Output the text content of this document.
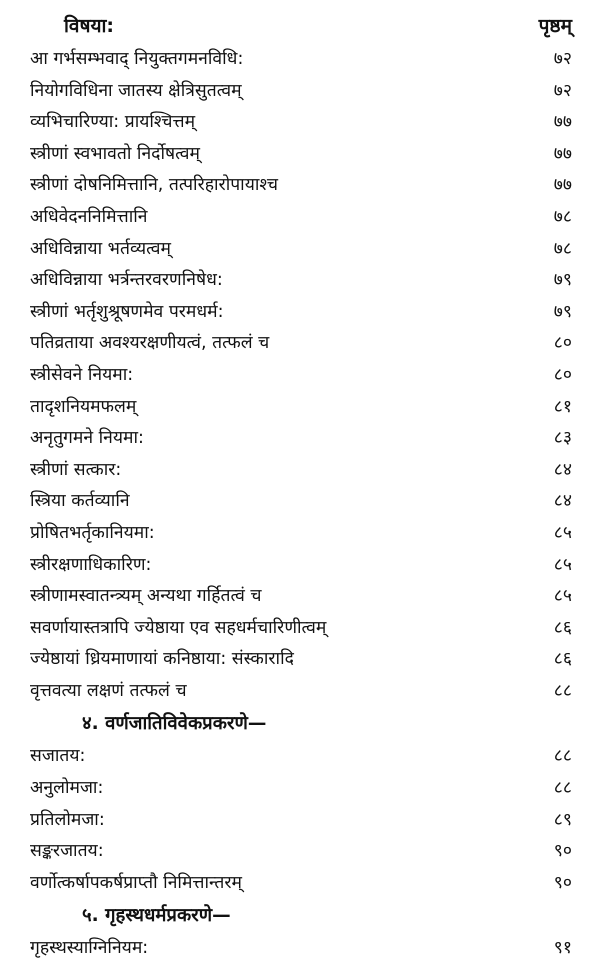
विषया:	पृष्ठम्
आ गर्भसम्भवाद् नियुक्तगमनविधि:	७२
नियोगविधिना जातस्य क्षेत्रिसुतत्वम्	७२
व्यभिचारिण्या: प्रायश्चित्तम्	७७
स्त्रीणां स्वभावतो निर्दोषत्वम्	७७
स्त्रीणां दोषनिमित्तानि, तत्परिहारोपायाश्च	७७
अधिवेदननिमित्तानि	७८
अधिविन्नाया भर्तव्यत्वम्	७८
अधिविन्नाया भर्त्रन्तरवरणनिषेध:	७९
स्त्रीणां भर्तृशुश्रूषणमेव परमधर्म:	७९
पतिव्रताया अवश्यरक्षणीयत्वं, तत्फलं च	८०
स्त्रीसेवने नियमा:	८०
तादृशनियमफलम्	८१
अनृतुगमने नियमा:	८३
स्त्रीणां सत्कार:	८४
स्त्रिया कर्तव्यानि	८४
प्रोषितभर्तृकानियमा:	८५
स्त्रीरक्षणाधिकारिण:	८५
स्त्रीणामस्वातन्त्र्यम् अन्यथा गर्हितत्वं च	८५
सवर्णायास्तत्रापि ज्येष्ठाया एव सहधर्मचारिणीत्वम्	८६
ज्येष्ठायां ध्रियमाणायां कनिष्ठाया: संस्कारादि	८६
वृत्तवत्या लक्षणं तत्फलं च	८८
४. वर्णजातिविवेकप्रकरणे—
सजातय:	८८
अनुलोमजा:	८८
प्रतिलोमजा:	८९
सङ्करजातय:	९०
वर्णोत्कर्षापकर्षप्राप्तौ निमित्तान्तरम्	९०
५. गृहस्थधर्मप्रकरणे—
गृहस्थस्याग्निनियम:	९१
